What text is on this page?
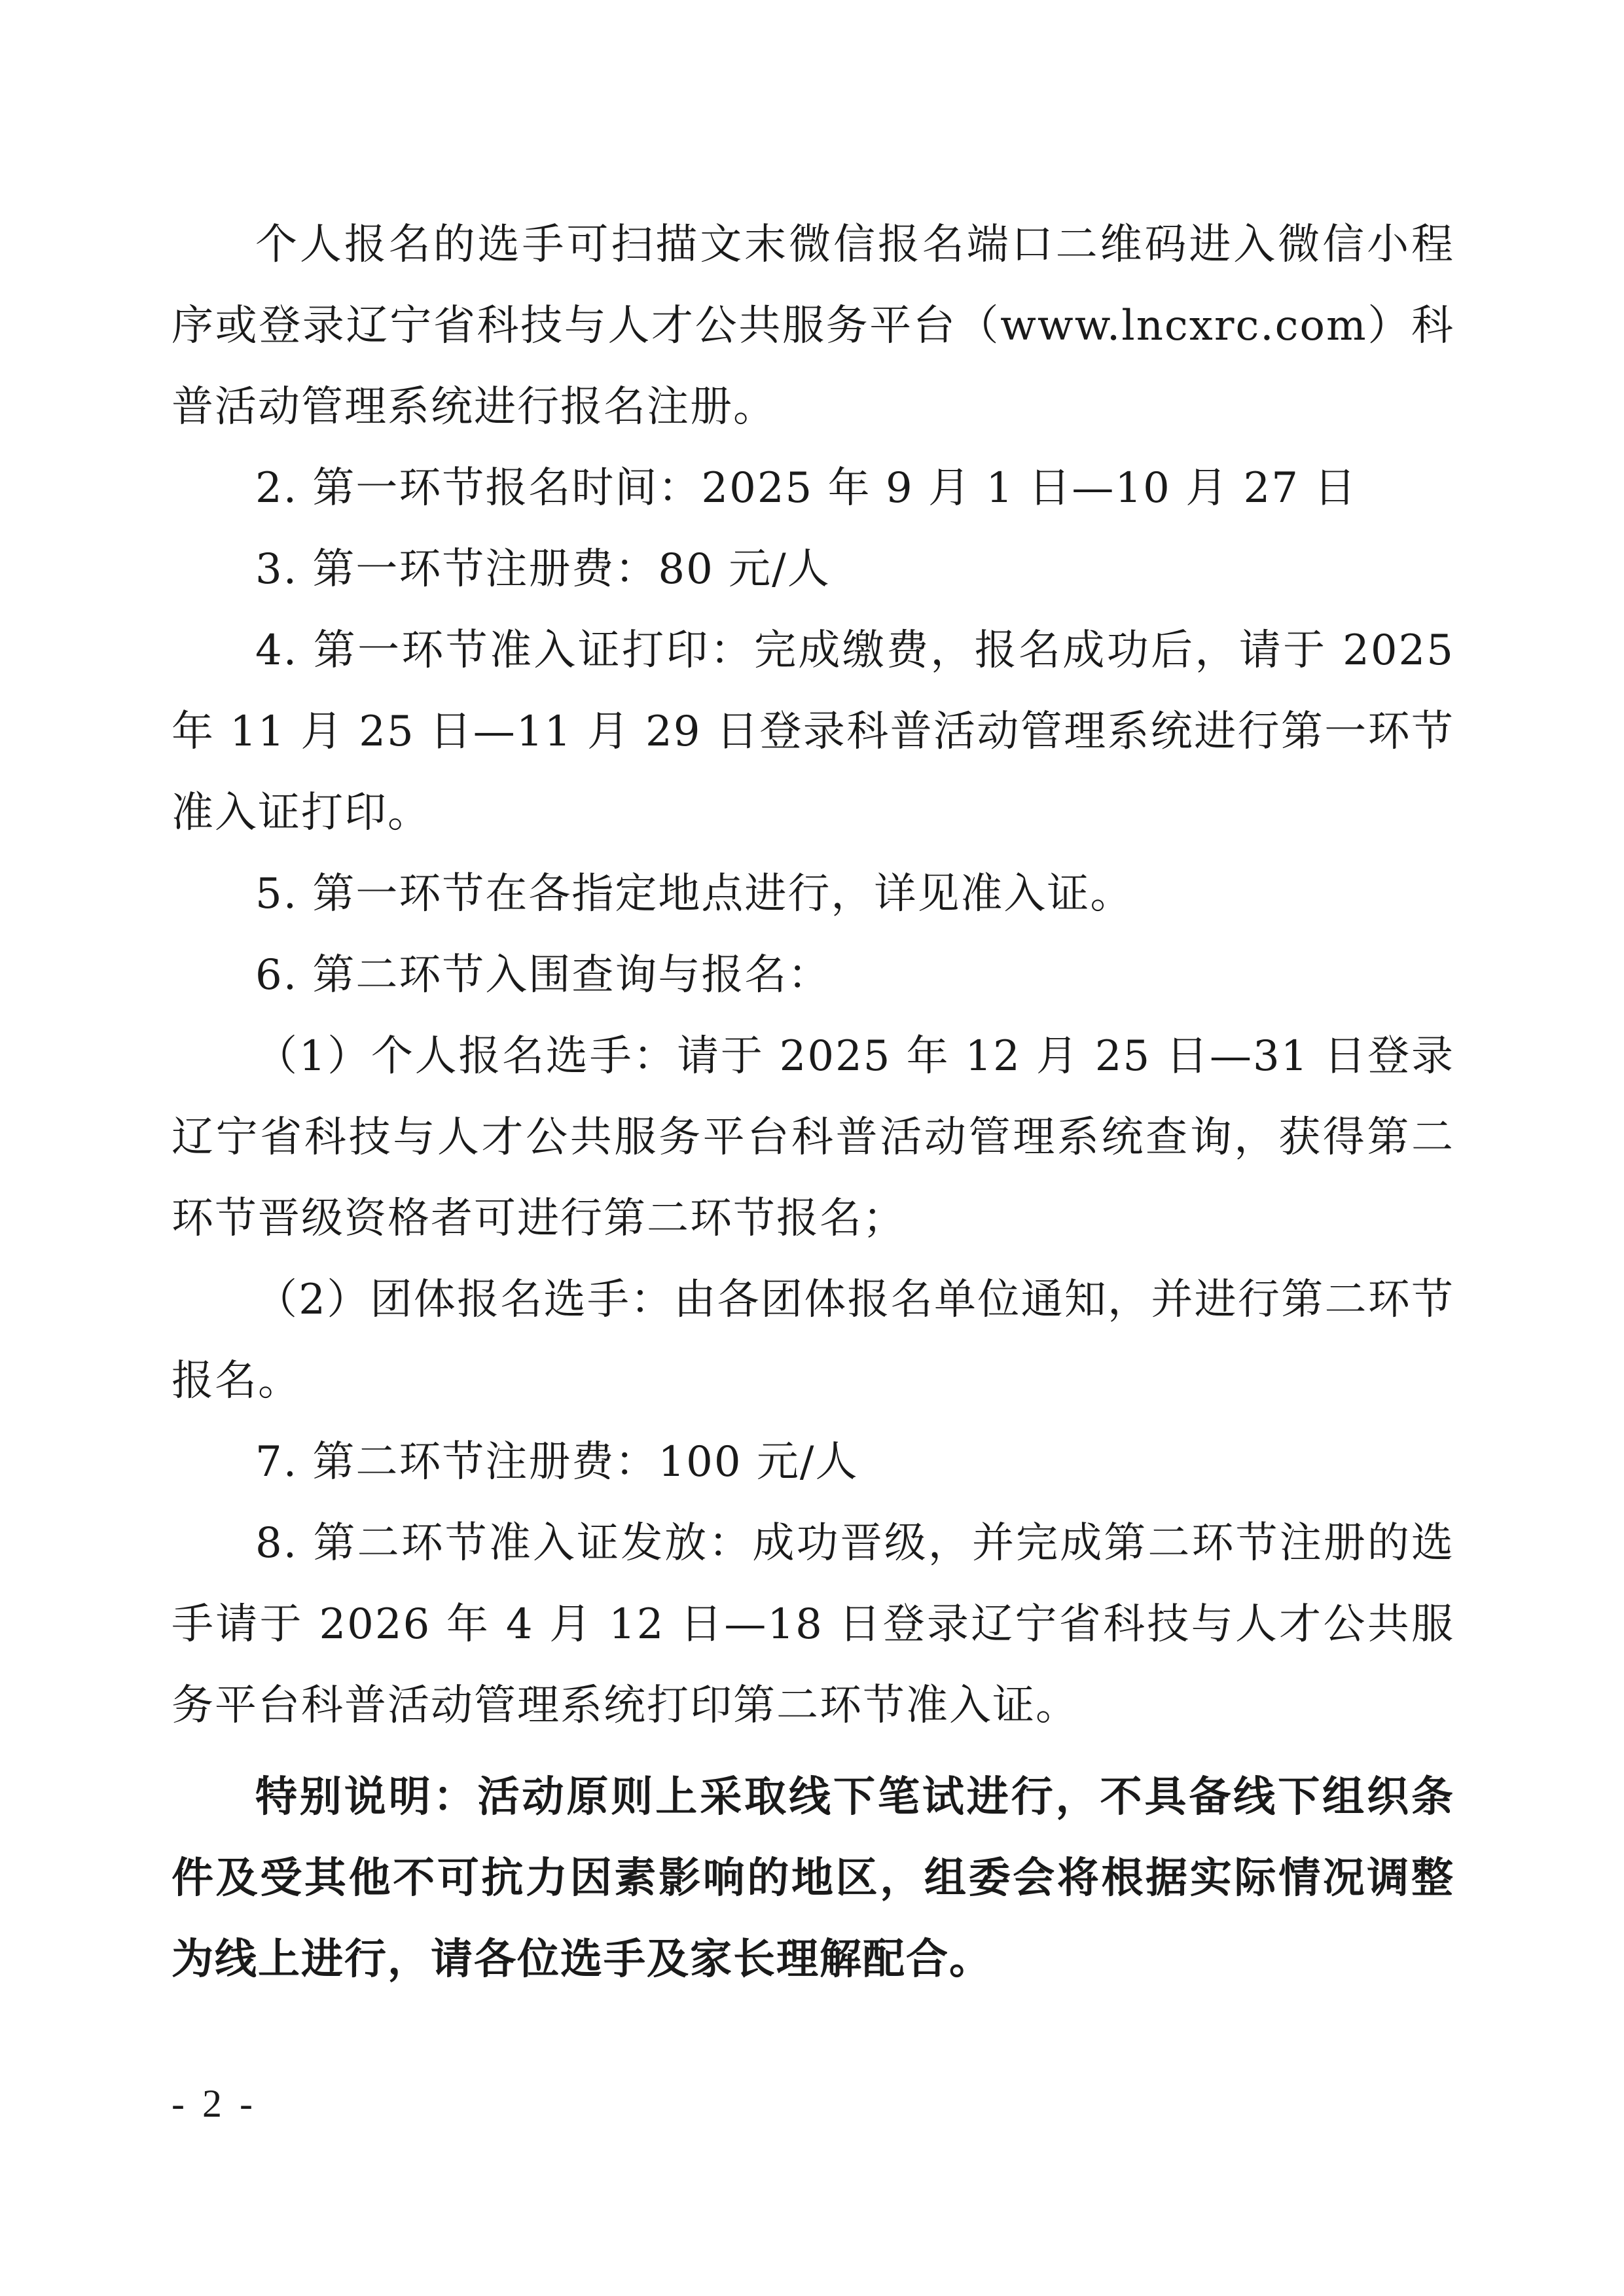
个人报名的选手可扫描文末微信报名端口二维码进入微信小程序或登录辽宁省科技与人才公共服务平台（www.lncxrc.com）科普活动管理系统进行报名注册。

2. 第一环节报名时间：2025 年 9 月 1 日—10 月 27 日

3. 第一环节注册费：80 元/人

4. 第一环节准入证打印：完成缴费，报名成功后，请于 2025 年 11 月 25 日—11 月 29 日登录科普活动管理系统进行第一环节准入证打印。

5. 第一环节在各指定地点进行，详见准入证。

6. 第二环节入围查询与报名：

（1）个人报名选手：请于 2025 年 12 月 25 日—31 日登录辽宁省科技与人才公共服务平台科普活动管理系统查询，获得第二环节晋级资格者可进行第二环节报名；

（2）团体报名选手：由各团体报名单位通知，并进行第二环节报名。

7. 第二环节注册费：100 元/人

8. 第二环节准入证发放：成功晋级，并完成第二环节注册的选手请于 2026 年 4 月 12 日—18 日登录辽宁省科技与人才公共服务平台科普活动管理系统打印第二环节准入证。

特别说明：活动原则上采取线下笔试进行，不具备线下组织条件及受其他不可抗力因素影响的地区，组委会将根据实际情况调整为线上进行，请各位选手及家长理解配合。

- 2 -
